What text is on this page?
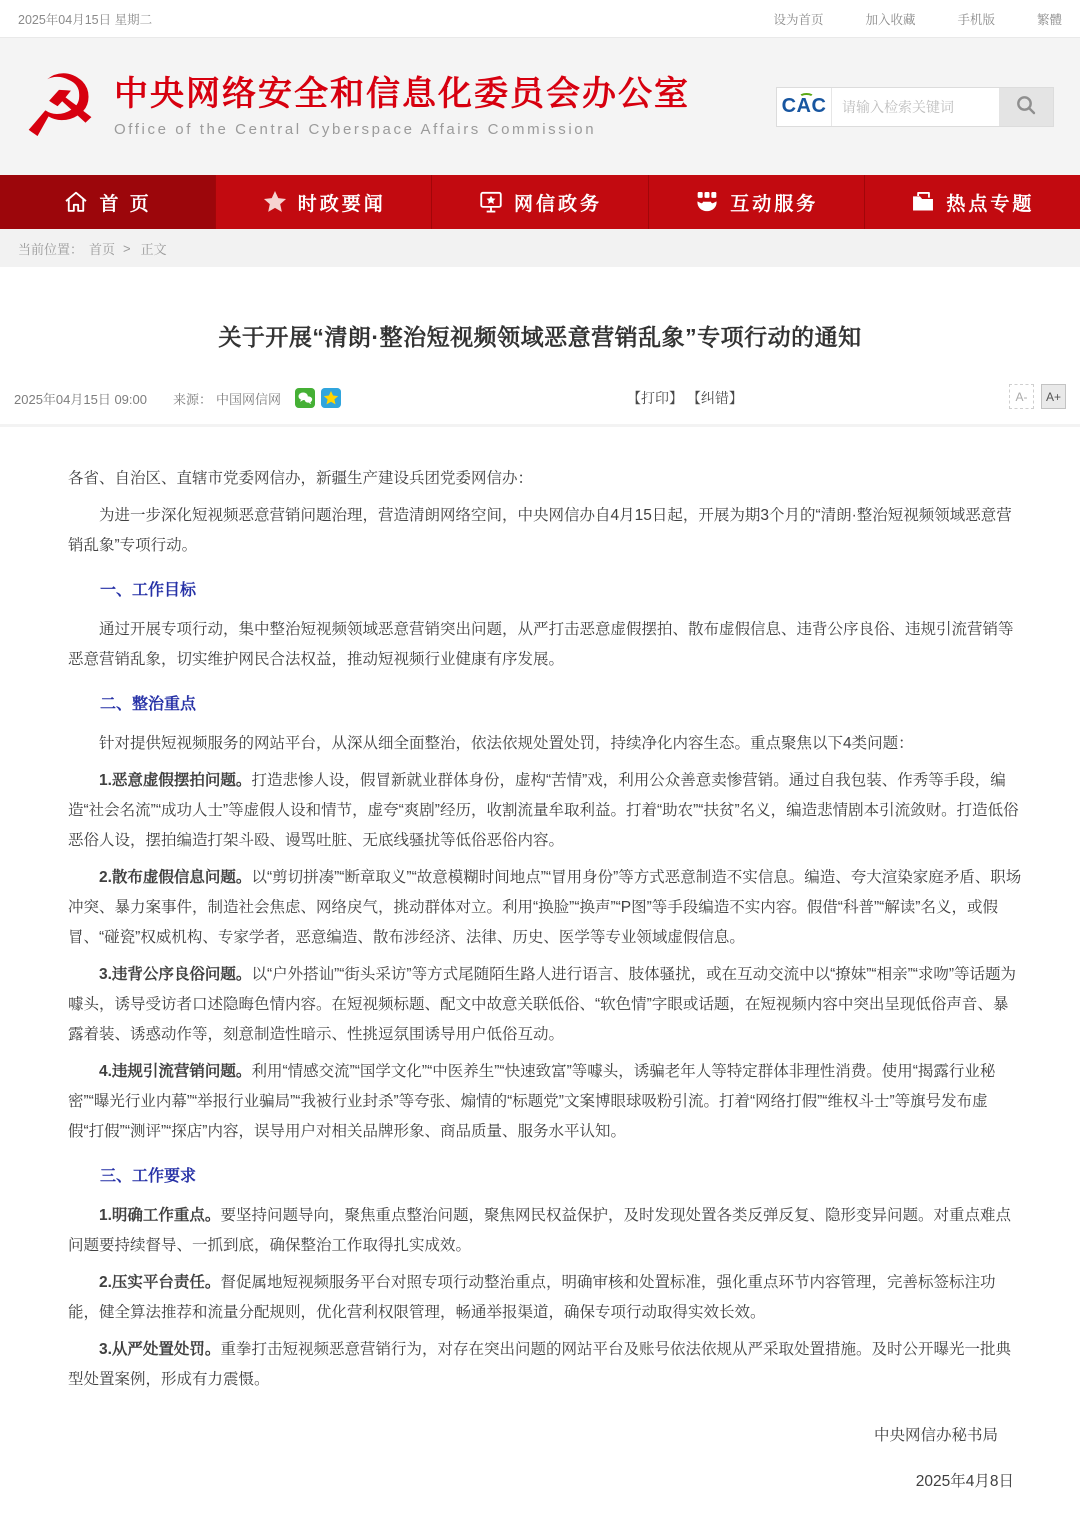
2025年04月15日 星期二	设为首页	加入收藏	手机版	繁體
☭ 中央网络安全和信息化委员会办公室
Office of the Central Cyberspace Affairs Commission
CAC
请输入检索关键词
首 页	时政要闻	网信政务	互动服务	热点专题
当前位置： 首页 > 正文
关于开展“清朗·整治短视频领域恶意营销乱象”专项行动的通知
2025年04月15日 09:00 来源： 中国网信网	【打印】 【纠错】	A-	A+

各省、自治区、直辖市党委网信办，新疆生产建设兵团党委网信办：

为进一步深化短视频恶意营销问题治理，营造清朗网络空间，中央网信办自4月15日起，开展为期3个月的“清朗·整治短视频领域恶意营销乱象”专项行动。

一、工作目标

通过开展专项行动，集中整治短视频领域恶意营销突出问题，从严打击恶意虚假摆拍、散布虚假信息、违背公序良俗、违规引流营销等恶意营销乱象，切实维护网民合法权益，推动短视频行业健康有序发展。

二、整治重点

针对提供短视频服务的网站平台，从深从细全面整治，依法依规处置处罚，持续净化内容生态。重点聚焦以下4类问题：

1.恶意虚假摆拍问题。打造悲惨人设，假冒新就业群体身份，虚构“苦情”戏，利用公众善意卖惨营销。通过自我包装、作秀等手段，编造“社会名流”“成功人士”等虚假人设和情节，虚夸“爽剧”经历，收割流量牟取利益。打着“助农”“扶贫”名义，编造悲情剧本引流敛财。打造低俗恶俗人设，摆拍编造打架斗殴、谩骂吐脏、无底线骚扰等低俗恶俗内容。

2.散布虚假信息问题。以“剪切拼凑”“断章取义”“故意模糊时间地点”“冒用身份”等方式恶意制造不实信息。编造、夸大渲染家庭矛盾、职场冲突、暴力案事件，制造社会焦虑、网络戾气，挑动群体对立。利用“换脸”“换声”“P图”等手段编造不实内容。假借“科普”“解读”名义，或假冒、“碰瓷”权威机构、专家学者，恶意编造、散布涉经济、法律、历史、医学等专业领域虚假信息。

3.违背公序良俗问题。以“户外搭讪”“街头采访”等方式尾随陌生路人进行语言、肢体骚扰，或在互动交流中以“撩妹”“相亲”“求吻”等话题为噱头，诱导受访者口述隐晦色情内容。在短视频标题、配文中故意关联低俗、“软色情”字眼或话题，在短视频内容中突出呈现低俗声音、暴露着装、诱惑动作等，刻意制造性暗示、性挑逗氛围诱导用户低俗互动。

4.违规引流营销问题。利用“情感交流”“国学文化”“中医养生”“快速致富”等噱头，诱骗老年人等特定群体非理性消费。使用“揭露行业秘密”“曝光行业内幕”“举报行业骗局”“我被行业封杀”等夸张、煽情的“标题党”文案博眼球吸粉引流。打着“网络打假”“维权斗士”等旗号发布虚假“打假”“测评”“探店”内容，误导用户对相关品牌形象、商品质量、服务水平认知。

三、工作要求

1.明确工作重点。要坚持问题导向，聚焦重点整治问题，聚焦网民权益保护，及时发现处置各类反弹反复、隐形变异问题。对重点难点问题要持续督导、一抓到底，确保整治工作取得扎实成效。

2.压实平台责任。督促属地短视频服务平台对照专项行动整治重点，明确审核和处置标准，强化重点环节内容管理，完善标签标注功能，健全算法推荐和流量分配规则，优化营利权限管理，畅通举报渠道，确保专项行动取得实效长效。

3.从严处置处罚。重拳打击短视频恶意营销行为，对存在突出问题的网站平台及账号依法依规从严采取处置措施。及时公开曝光一批典型处置案例，形成有力震慑。

中央网信办秘书局

2025年4月8日
